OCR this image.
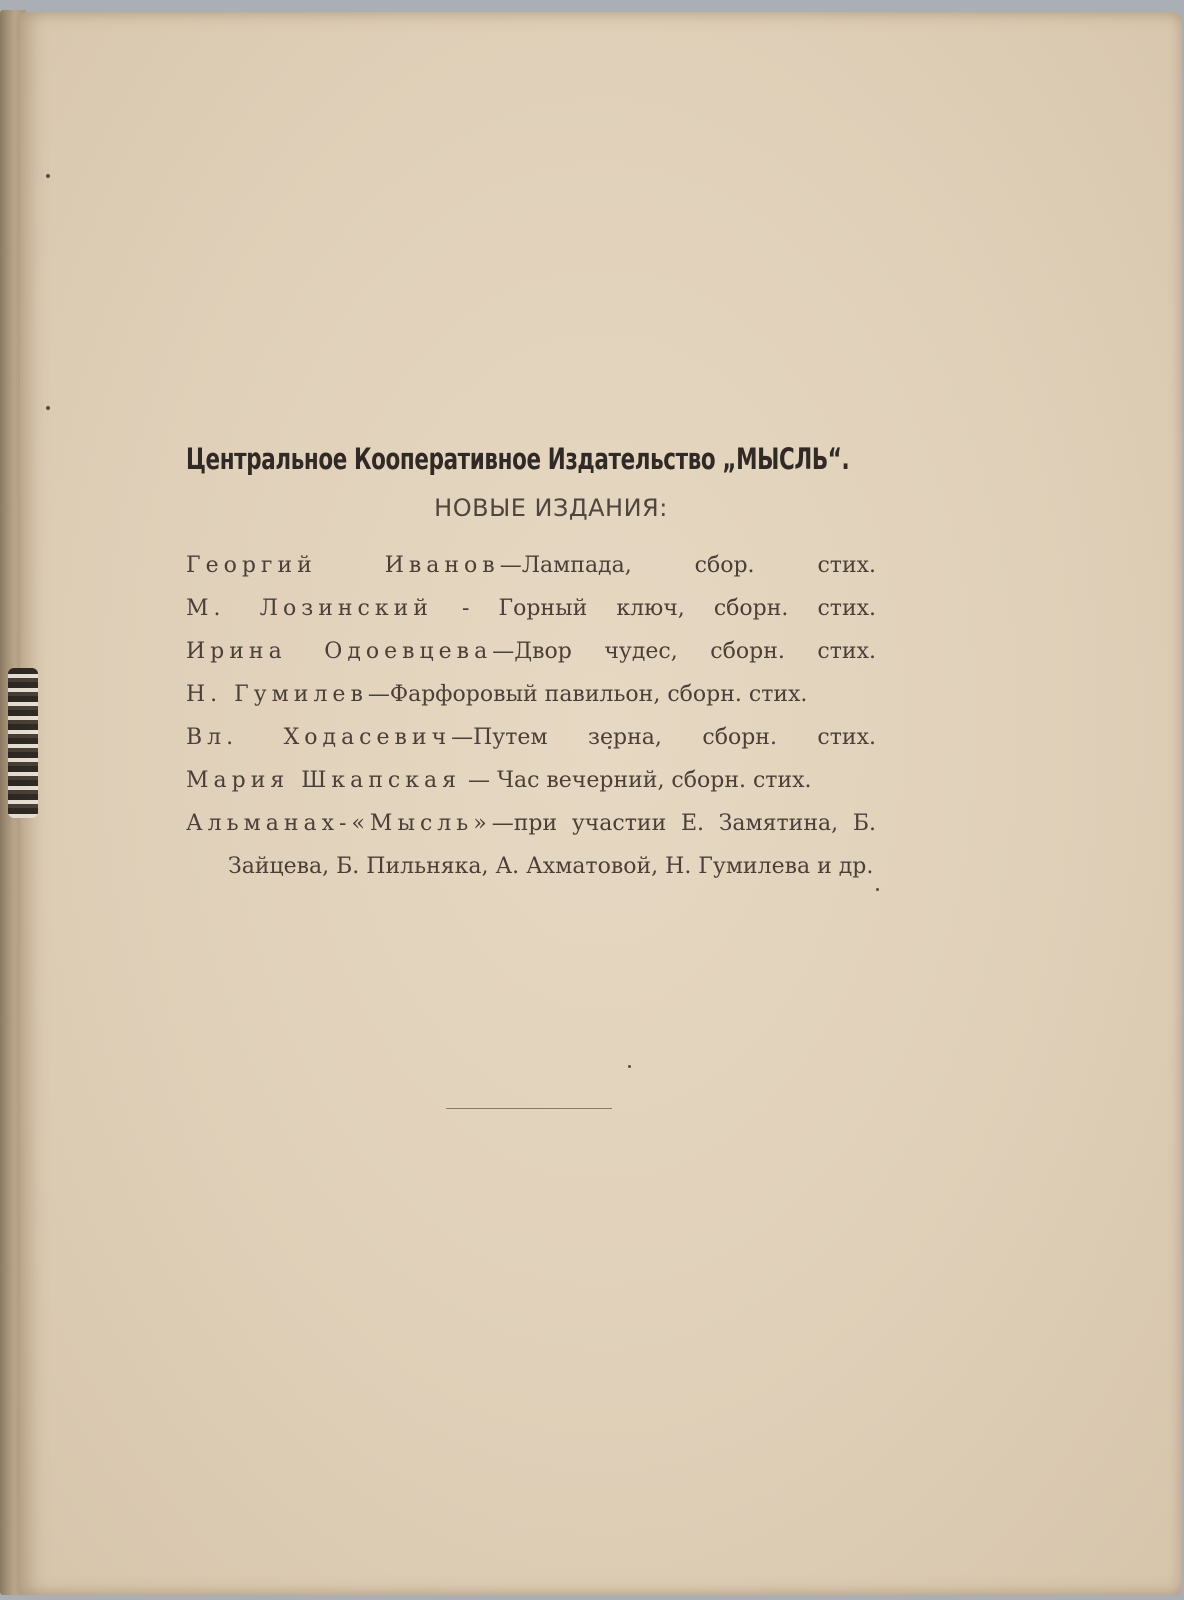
Центральное Кооперативное Издательство „МЫСЛЬ“.
НОВЫЕ ИЗДАНИЯ:
Георгий Иванов—Лампада, сбор. стих.
М. Лозинский - Горный ключ, сборн. стих.
Ирина Одоевцева—Двор чудес, сборн. стих.
Н. Гумилев—Фарфоровый павильон, сборн. стих.
Вл. Ходасевич—Путем зерна, сборн. стих.
Мария Шкапская — Час вечерний, сборн. стих.
Альманах-«Мысль»—при участии Е. Замятина, Б. Зайцева, Б. Пильняка, А. Ахматовой, Н. Гумилева и др.
